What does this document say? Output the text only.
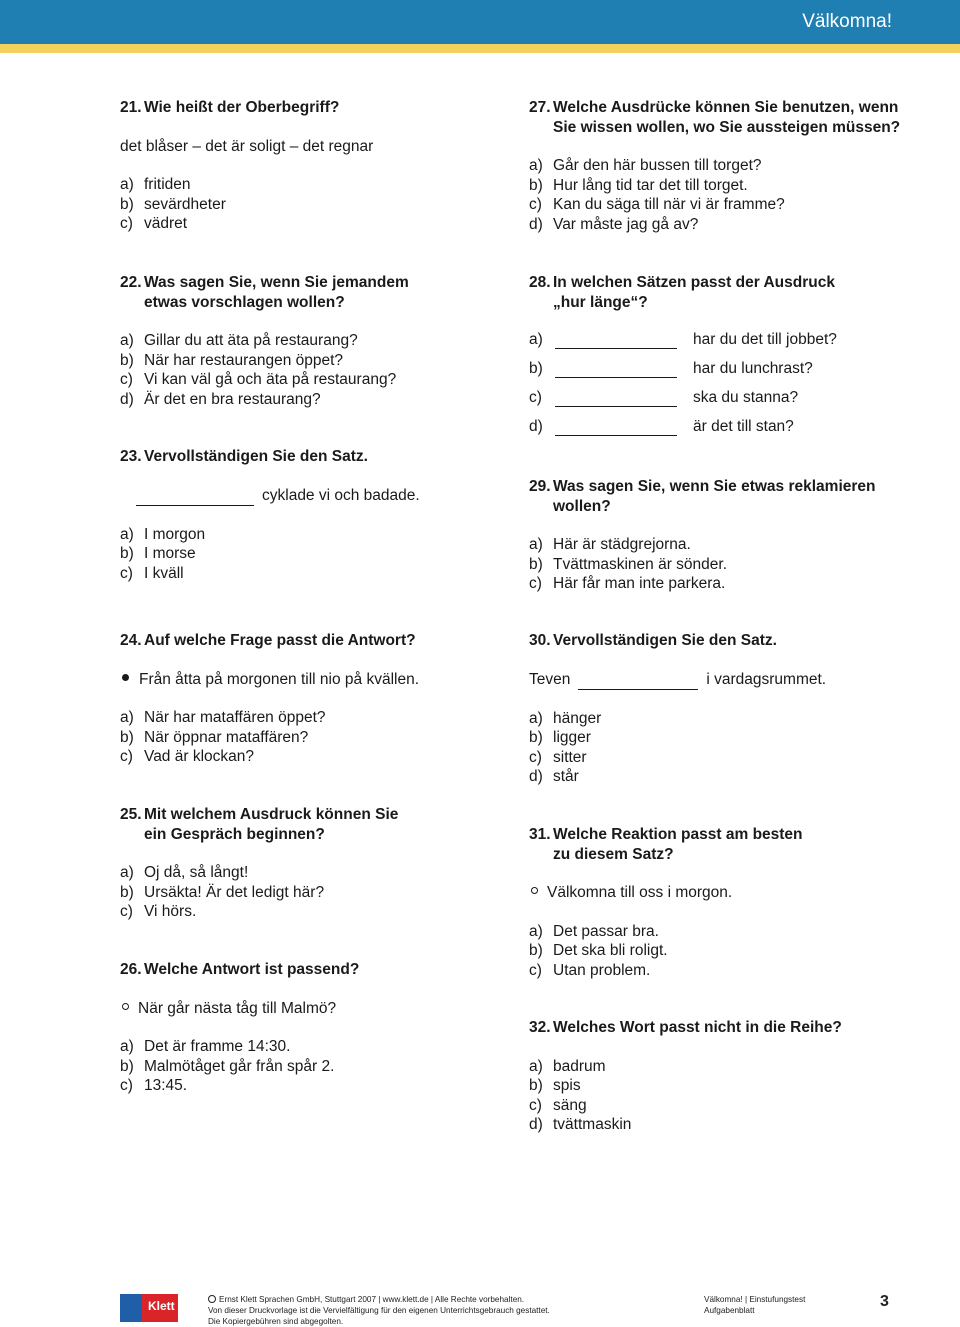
Välkomna!
21. Wie heißt der Oberbegriff?
det blåser – det är soligt – det regnar
a) fritiden
b) sevärdheter
c) vädret
22. Was sagen Sie, wenn Sie jemandem
etwas vorschlagen wollen?
a) Gillar du att äta på restaurang?
b) När har restaurangen öppet?
c) Vi kan väl gå och äta på restaurang?
d) Är det en bra restaurang?
23. Vervollständigen Sie den Satz.
cyklade vi och badade.
a) I morgon
b) I morse
c) I kväll
24. Auf welche Frage passt die Antwort?
Från åtta på morgonen till nio på kvällen.
a) När har mataffären öppet?
b) När öppnar mataffären?
c) Vad är klockan?
25. Mit welchem Ausdruck können Sie
ein Gespräch beginnen?
a) Oj då, så långt!
b) Ursäkta! Är det ledigt här?
c) Vi hörs.
26. Welche Antwort ist passend?
När går nästa tåg till Malmö?
a) Det är framme 14:30.
b) Malmötåget går från spår 2.
c) 13:45.
27. Welche Ausdrücke können Sie benutzen, wenn
Sie wissen wollen, wo Sie aussteigen müssen?
a) Går den här bussen till torget?
b) Hur lång tid tar det till torget.
c) Kan du säga till när vi är framme?
d) Var måste jag gå av?
28. In welchen Sätzen passt der Ausdruck
„hur länge“?
a)	har du det till jobbet?
b)	har du lunchrast?
c)	ska du stanna?
d)	är det till stan?
29. Was sagen Sie, wenn Sie etwas reklamieren
wollen?
a) Här är städgrejorna.
b) Tvättmaskinen är sönder.
c) Här får man inte parkera.
30. Vervollständigen Sie den Satz.
Teven	i vardagsrummet.
a) hänger
b) ligger
c) sitter
d) står
31. Welche Reaktion passt am besten
zu diesem Satz?
Välkomna till oss i morgon.
a) Det passar bra.
b) Det ska bli roligt.
c) Utan problem.
32. Welches Wort passt nicht in die Reihe?
a) badrum
b) spis
c) säng
d) tvättmaskin
Klett	Ernst Klett Sprachen GmbH, Stuttgart 2007 | www.klett.de | Alle Rechte vorbehalten.
Von dieser Druckvorlage ist die Vervielfältigung für den eigenen Unterrichtsgebrauch gestattet.
Die Kopiergebühren sind abgegolten.
Välkomna! | Einstufungstest
Aufgabenblatt
3
